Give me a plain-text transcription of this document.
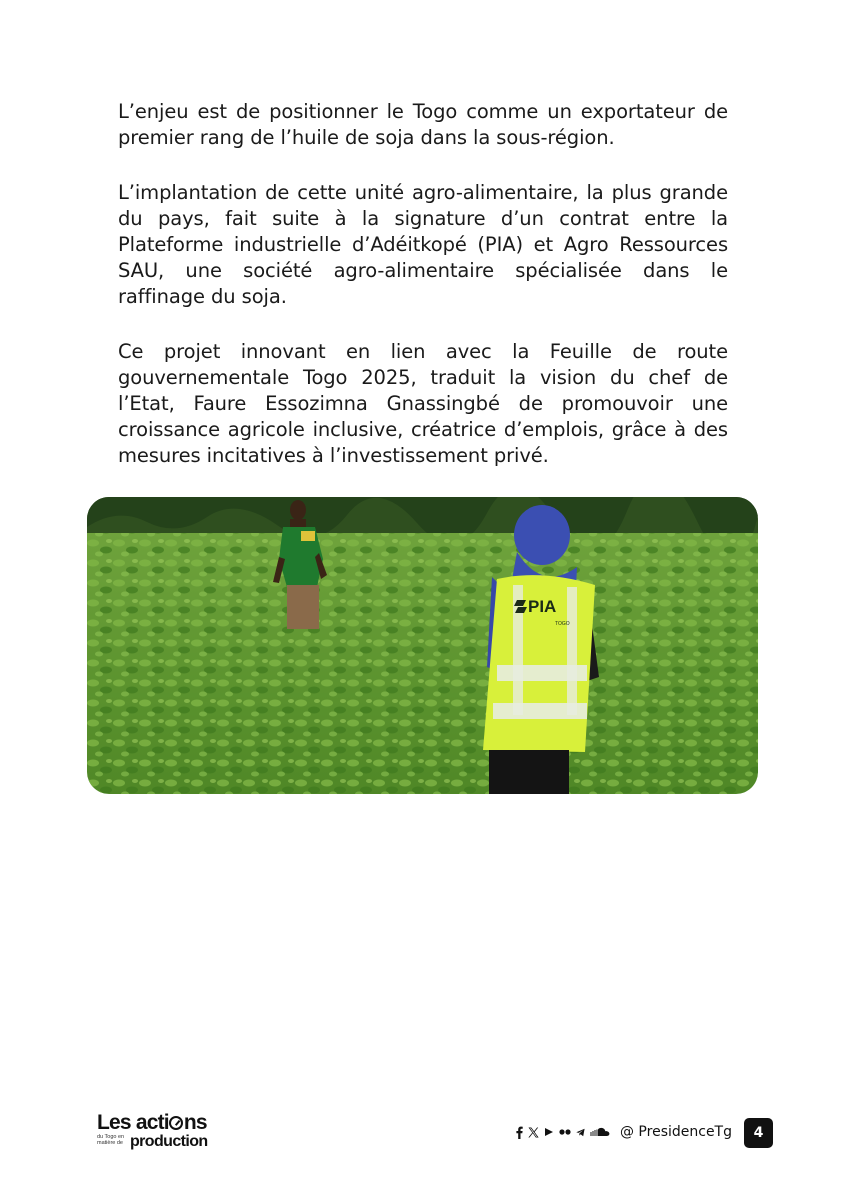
L’enjeu est de positionner le Togo comme un exportateur de premier rang de l’huile de soja dans la sous-région.

L’implantation de cette unité agro-alimentaire, la plus grande du pays, fait suite à la signature d’un contrat entre la Plateforme industrielle d’Adéitkopé (PIA) et Agro Ressources SAU, une société agro-alimentaire spécialisée dans le raffinage du soja.

Ce projet innovant en lien avec la Feuille de route gouvernementale Togo 2025, traduit la vision du chef de l’Etat, Faure Essozimna Gnassingbé de promouvoir une croissance agricole inclusive, créatrice d’emplois, grâce à des mesures incitatives à l’investissement privé.

PIA
TOGO
Les acti ns
du Togo en matière de production
@ PresidenceTg	4
